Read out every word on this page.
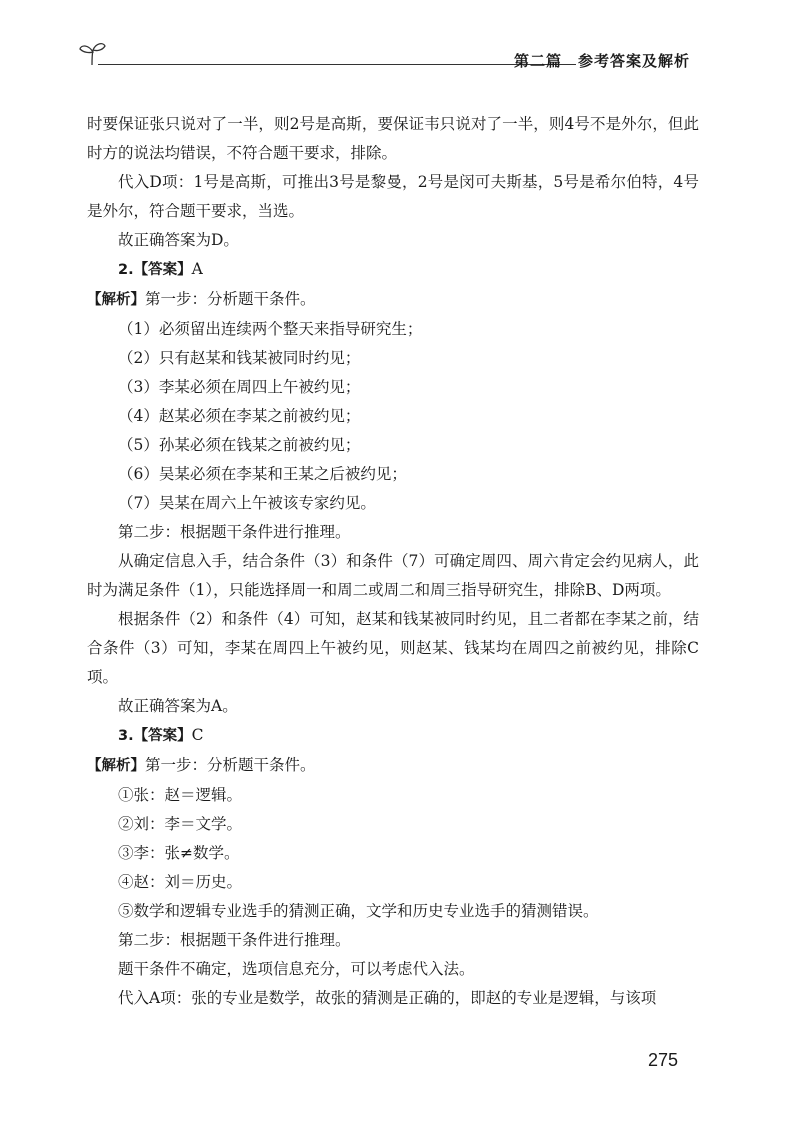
第二篇　参考答案及解析

时要保证张只说对了一半，则2号是高斯，要保证韦只说对了一半，则4号不是外尔，但此时方的说法均错误，不符合题干要求，排除。

代入D项：1号是高斯，可推出3号是黎曼，2号是闵可夫斯基，5号是希尔伯特，4号是外尔，符合题干要求，当选。

故正确答案为D。

2.【答案】A

【解析】第一步：分析题干条件。

（1）必须留出连续两个整天来指导研究生；

（2）只有赵某和钱某被同时约见；

（3）李某必须在周四上午被约见；

（4）赵某必须在李某之前被约见；

（5）孙某必须在钱某之前被约见；

（6）吴某必须在李某和王某之后被约见；

（7）吴某在周六上午被该专家约见。

第二步：根据题干条件进行推理。

从确定信息入手，结合条件（3）和条件（7）可确定周四、周六肯定会约见病人，此时为满足条件（1），只能选择周一和周二或周二和周三指导研究生，排除B、D两项。

根据条件（2）和条件（4）可知，赵某和钱某被同时约见，且二者都在李某之前，结合条件（3）可知，李某在周四上午被约见，则赵某、钱某均在周四之前被约见，排除C项。

故正确答案为A。

3.【答案】C

【解析】第一步：分析题干条件。

①张：赵＝逻辑。

②刘：李＝文学。

③李：张≠数学。

④赵：刘＝历史。

⑤数学和逻辑专业选手的猜测正确，文学和历史专业选手的猜测错误。

第二步：根据题干条件进行推理。

题干条件不确定，选项信息充分，可以考虑代入法。

代入A项：张的专业是数学，故张的猜测是正确的，即赵的专业是逻辑，与该项

275
